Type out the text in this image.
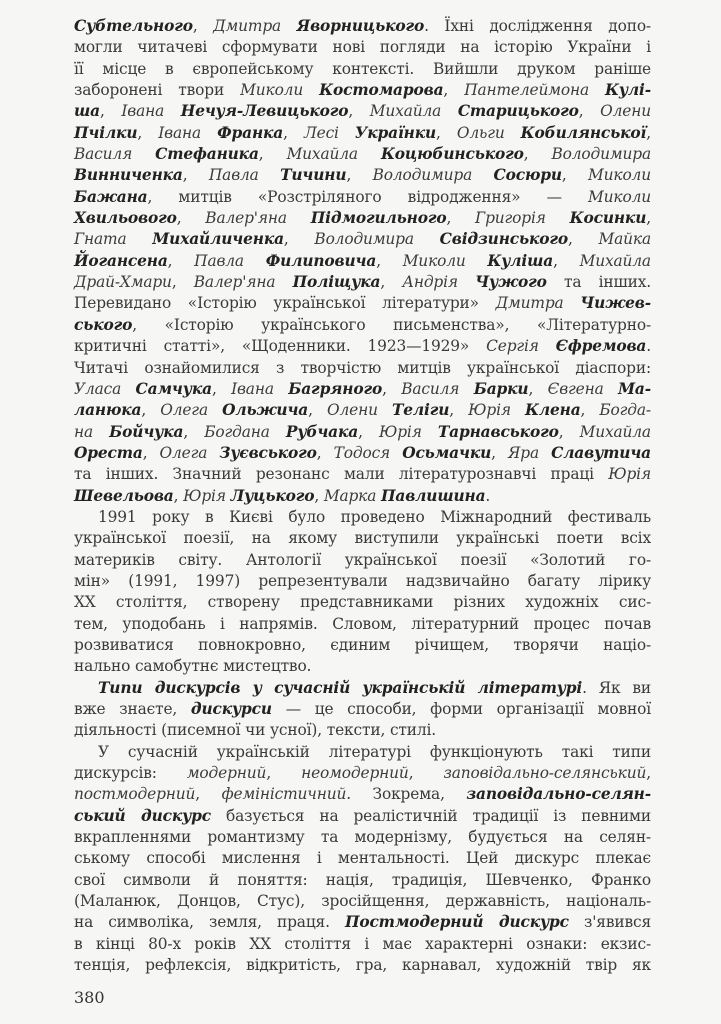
Субтельного, Дмитра Яворницького. Їхні дослідження допо-
могли читачеві сформувати нові погляди на історію України і
її місце в європейському контексті. Вийшли друком раніше
заборонені твори Миколи Костомарова, Пантелеймона Кулі-
ша, Івана Нечуя-Левицького, Михайла Старицького, Олени
Пчілки, Івана Франка, Лесі Українки, Ольги Кобилянської,
Василя Стефаника, Михайла Коцюбинського, Володимира
Винниченка, Павла Тичини, Володимира Сосюри, Миколи
Бажана, митців «Розстріляного відродження» — Миколи
Хвильового, Валер'яна Підмогильного, Григорія Косинки,
Гната Михайличенка, Володимира Свідзинського, Майка
Йогансена, Павла Филиповича, Миколи Куліша, Михайла
Драй-Хмари, Валер'яна Поліщука, Андрія Чужого та інших.
Перевидано «Історію української літератури» Дмитра Чижев-
ського, «Історію українського письменства», «Літературно-
критичні статті», «Щоденники. 1923—1929» Сергія Єфремова.
Читачі ознайомилися з творчістю митців української діаспори:
Уласа Самчука, Івана Багряного, Василя Барки, Євгена Ма-
ланюка, Олега Ольжича, Олени Теліги, Юрія Клена, Богда-
на Бойчука, Богдана Рубчака, Юрія Тарнавського, Михайла
Ореста, Олега Зуєвського, Тодося Осьмачки, Яра Славутича
та інших. Значний резонанс мали літературознавчі праці Юрія
Шевельова, Юрія Луцького, Марка Павлишина.
1991 року в Києві було проведено Міжнародний фестиваль
української поезії, на якому виступили українські поети всіх
материків світу. Антології української поезії «Золотий го-
мін» (1991, 1997) репрезентували надзвичайно багату лірику
XX століття, створену представниками різних художніх сис-
тем, уподобань і напрямів. Словом, літературний процес почав
розвиватися повнокровно, єдиним річищем, творячи націо-
нально самобутнє мистецтво.
Типи дискурсів у сучасній українській літературі. Як ви
вже знаєте, дискурси — це способи, форми організації мовної
діяльності (писемної чи усної), тексти, стилі.
У сучасній українській літературі функціонують такі типи
дискурсів: модерний, неомодерний, заповідально-селянський,
постмодерний, феміністичний. Зокрема, заповідально-селян-
ський дискурс базується на реалістичній традиції із певними
вкрапленнями романтизму та модернізму, будується на селян-
ському способі мислення і ментальності. Цей дискурс плекає
свої символи й поняття: нація, традиція, Шевченко, Франко
(Маланюк, Донцов, Стус), зросійщення, державність, національ-
на символіка, земля, праця. Постмодерний дискурс з'явився
в кінці 80-х років XX століття і має характерні ознаки: екзис-
тенція, рефлексія, відкритість, гра, карнавал, художній твір як
380
